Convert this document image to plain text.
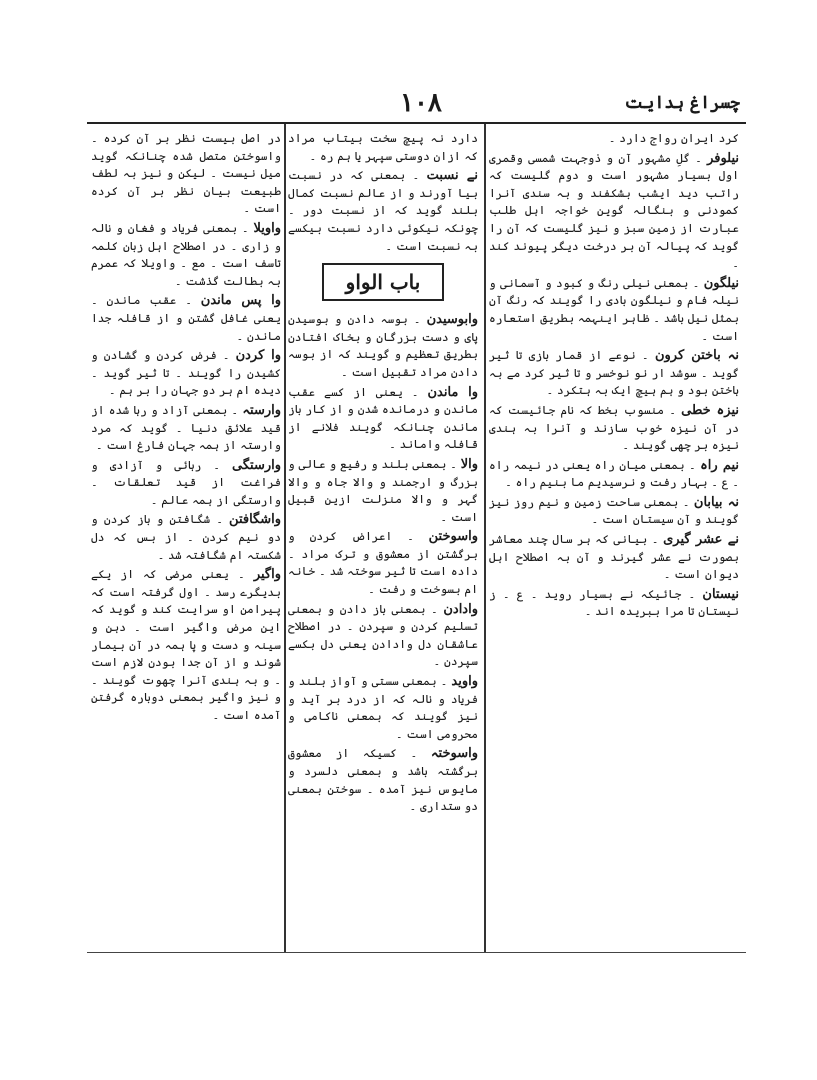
۱۰۸	چسراغ ہدایت

کرد ایران رواج دارد ۔

نیلوفر ۔ گلِ مشہور آن و ذوجہت شمسی وقمری اول بسیار مشہور است و دوم گلیست کہ راتب دید ایشب بشکفند و بہ سندی آنرا کمودنی و بنگالہ گوین خواجہ اہل طلب عبارت از زمین سبز و نیز گلیست کہ آن را گوید کہ پیالہ آن بر درخت دیگر پیوند کند ۔

نیلگون ۔ بمعنی نیلی رنگ و کبود و آسمانی و نیلہ فام و نیلگون بادی را گویند کہ رنگ آن بمثل نیل باشد ۔ ظاہر اینہمہ بطریق استعارہ است ۔

نہ باختن کرون ۔ نوعے از قمار بازی تا ثیر گوید ۔ سوشد ار نو نوخسر و تا ثیر کرد مے بہ ہاختن بود و ہم ہیچ ایک بہ ہتکرد ۔

نیزہ خطی ۔ منسوب بخط کہ نام جائیست کہ در آن نیزہ خوب سازند و آنرا بہ ہندی نیزہ بر چھی گویند ۔

نیم راہ ۔ بمعنی میان راہ یعنی در نیمہ راہ ۔ ع ۔ بہار رفت و نرسیدیم ما بنیم راہ ۔

نہ بیابان ۔ بمعنی ساحت زمین و نیم روز نیز گویند و آن سیستان است ۔

نے عشر گیری ۔ بیانی کہ ہر سال چند معاشر بصورت نے عشر گیرند و آن بہ اصطلاح اہل دیوان است ۔

نیستان ۔ جائیکہ نے بسیار روید ۔ ع ۔ ز نیستان تا مرا ببریدہ اند ۔

دارد نہ پیچ سخت بیتاب مراد کہ ازان دوستی سپہر یا ہم رہ ۔

نے نسبت ۔ بمعنی کہ در نسبت بیا آورند و از عالم نسبت کمال بلند گوید کہ از نسبت دور ۔ چونکہ نیکوئی دارد نسبت بیکسے بہ نسبت است ۔

باب الواو

وابوسیدن ۔ بوسہ دادن و بوسیدن پای و دست بزرگان و بخاک افتادن بطریق تعظیم و گویند کہ از بوسہ دادن مراد تقبیل است ۔

وا ماندن ۔ یعنی از کسے عقب ماندن و درماندہ شدن و از کار باز ماندن چنانکہ گویند فلانے از قافلہ واماند ۔

والا ۔ بمعنی بلند و رفیع و عالی و بزرگ و ارجمند و والا جاہ و والا گہر و والا منزلت ازین قبیل است ۔

واسوختن ۔ اعراض کردن و برگشتن از معشوق و ترک مراد ۔ دادہ است تا ثیر سوختہ شد ۔ خانہ ام بسوخت و رفت ۔

وادادن ۔ بمعنی باز دادن و بمعنی تسلیم کردن و سپردن ۔ در اصطلاح عاشقان دل وادادن یعنی دل بکسے سپردن ۔

واوید ۔ بمعنی سستی و آواز بلند و فریاد و نالہ کہ از درد بر آید و نیز گویند کہ بمعنی ناکامی و محرومی است ۔

واسوختہ ۔ کسیکہ از معشوق برگشتہ باشد و بمعنی دلسرد و مایوس نیز آمدہ ۔ سوختن بمعنی دو ستداری ۔

در اصل بیست نظر بر آن کردہ ۔ واسوختن متصل شدہ چنانکہ گوید میل نیست ۔ لیکن و نیز بہ لطف طبیعت بیان نظر بر آن کردہ است ۔

واویلا ۔ بمعنی فریاد و فغان و نالہ و زاری ۔ در اصطلاح اہل زبان کلمہ تاسف است ۔ مع ۔ واویلا کہ عمرم بہ بطالت گذشت ۔

وا پس ماندن ۔ عقب ماندن ۔ یعنی غافل گشتن و از قافلہ جدا ماندن ۔

وا کردن ۔ فرض کردن و گشادن و کشیدن را گویند ۔ تا ثیر گوید ۔ دیدہ ام ہر دو جہان را بر ہم ۔

وارستہ ۔ بمعنی آزاد و رہا شدہ از قید علائق دنیا ۔ گوید کہ مرد وارستہ از ہمہ جہان فارغ است ۔

وارستگی ۔ رہائی و آزادی و فراغت از قید تعلقات ۔ وارستگی از ہمہ عالم ۔

واشگافتن ۔ شگافتن و باز کردن و دو نیم کردن ۔ از بس کہ دل شکستہ ام شگافتہ شد ۔

واگیر ۔ یعنی مرضی کہ از یکے بدیگرے رسد ۔ اول گرفتہ است کہ پیرامن او سرایت کند و گوید کہ این مرض واگیر است ۔ دہن و سینہ و دست و پا ہمہ در آن بیمار شوند و از آن جدا بودن لازم است ۔ و بہ ہندی آنرا چھوت گویند ۔ و نیز واگیر بمعنی دوبارہ گرفتن آمدہ است ۔
